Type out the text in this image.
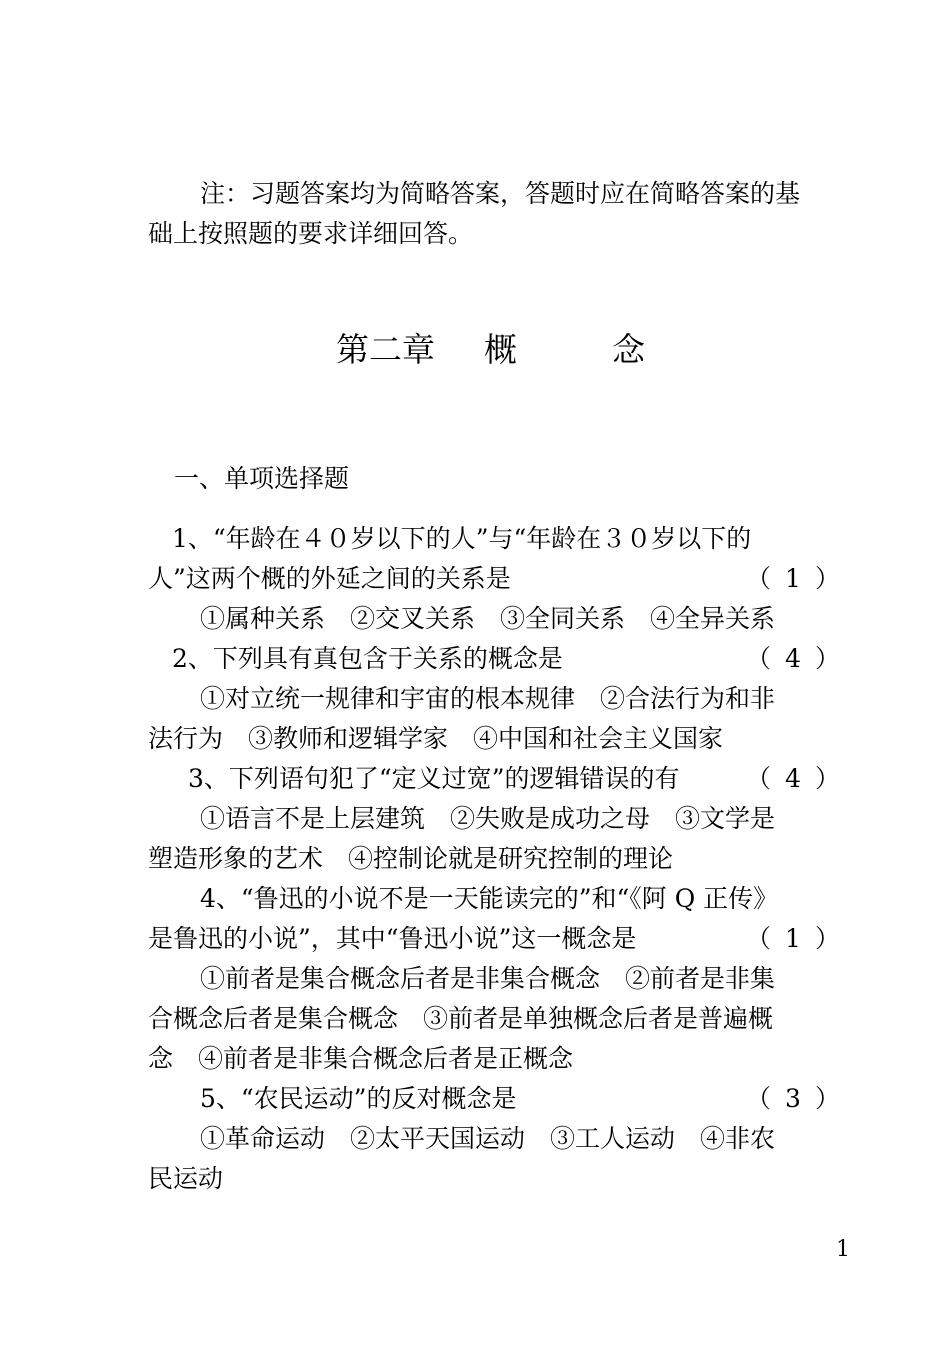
注：习题答案均为简略答案，答题时应在简略答案的基
础上按照题的要求详细回答。
第二章 概	念
一、单项选择题
1、“年龄在４０岁以下的人”与“年龄在３０岁以下的
人”这两个概的外延之间的关系是	（ 1 ）
①属种关系　②交叉关系　③全同关系　④全异关系
2、下列具有真包含于关系的概念是	（ 4 ）
①对立统一规律和宇宙的根本规律　②合法行为和非
法行为　③教师和逻辑学家　④中国和社会主义国家
3、下列语句犯了“定义过宽”的逻辑错误的有	（ 4 ）
①语言不是上层建筑　②失败是成功之母　③文学是
塑造形象的艺术　④控制论就是研究控制的理论
4、“鲁迅的小说不是一天能读完的”和“《阿 Q 正传》
是鲁迅的小说”，其中“鲁迅小说”这一概念是	（ 1 ）
①前者是集合概念后者是非集合概念　②前者是非集
合概念后者是集合概念　③前者是单独概念后者是普遍概
念　④前者是非集合概念后者是正概念
5、“农民运动”的反对概念是	（ 3 ）
①革命运动　②太平天国运动　③工人运动　④非农
民运动
1
